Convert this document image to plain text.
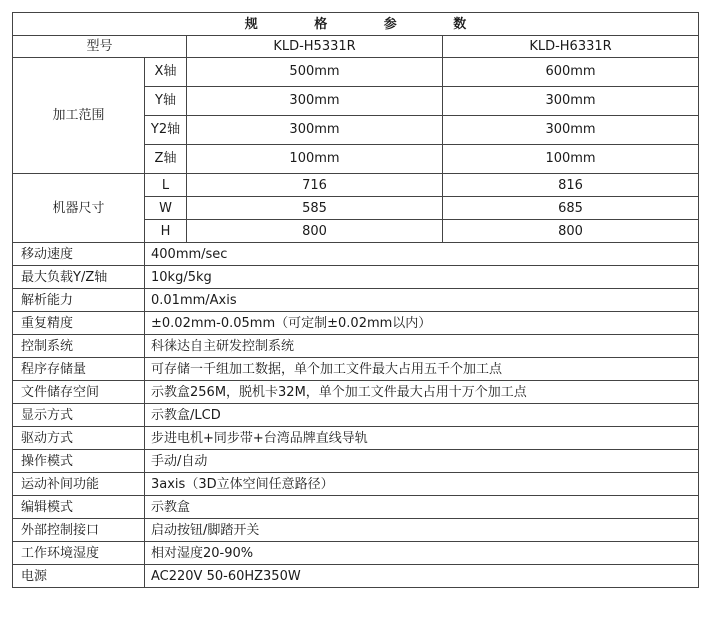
规 格 参 数			
型号		KLD-H5331R	KLD-H6331R
加工范围	X轴	500mm	600mm
	Y轴	300mm	300mm
	Y2轴	300mm	300mm
	Z轴	100mm	100mm
机器尺寸	L	716	816
	W	585	685
	H	800	800
移动速度	400mm/sec		
最大负载Y/Z轴	10kg/5kg		
解析能力	0.01mm/Axis		
重复精度	±0.02mm-0.05mm（可定制±0.02mm以内）		
控制系统	科徕达自主研发控制系统		
程序存储量	可存储一千组加工数据，单个加工文件最大占用五千个加工点		
文件储存空间	示教盒256M，脱机卡32M，单个加工文件最大占用十万个加工点		
显示方式	示教盒/LCD		
驱动方式	步进电机+同步带+台湾品牌直线导轨		
操作模式	手动/自动		
运动补间功能	3axis（3D立体空间任意路径）		
编辑模式	示教盒		
外部控制接口	启动按钮/脚踏开关		
工作环境湿度	相对湿度20-90%		
电源	AC220V 50-60HZ350W		
